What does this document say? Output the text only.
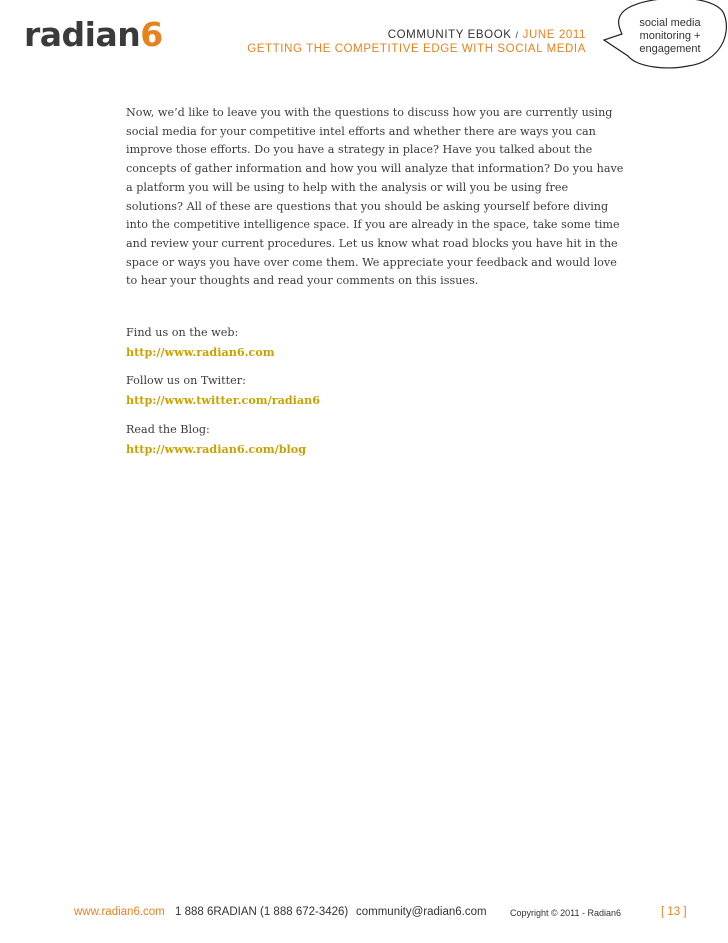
radian6	COMMUNITY EBOOK / JUNE 2011
GETTING THE COMPETITIVE EDGE WITH SOCIAL MEDIA
social media
monitoring +
engagement

Now, we’d like to leave you with the questions to discuss how you are currently using social media for your competitive intel efforts and whether there are ways you can improve those efforts. Do you have a strategy in place? Have you talked about the concepts of gather information and how you will analyze that information? Do you have a platform you will be using to help with the analysis or will you be using free solutions? All of these are questions that you should be asking yourself before diving into the competitive intelligence space. If you are already in the space, take some time and review your current procedures. Let us know what road blocks you have hit in the space or ways you have over come them. We appreciate your feedback and would love to hear your thoughts and read your comments on this issues.

Find us on the web:
http://www.radian6.com
Follow us on Twitter:
http://www.twitter.com/radian6
Read the Blog:
http://www.radian6.com/blog
www.radian6.com 1 888 6RADIAN (1 888 672-3426) community@radian6.com	Copyright © 2011 - Radian6	[ 13 ]
